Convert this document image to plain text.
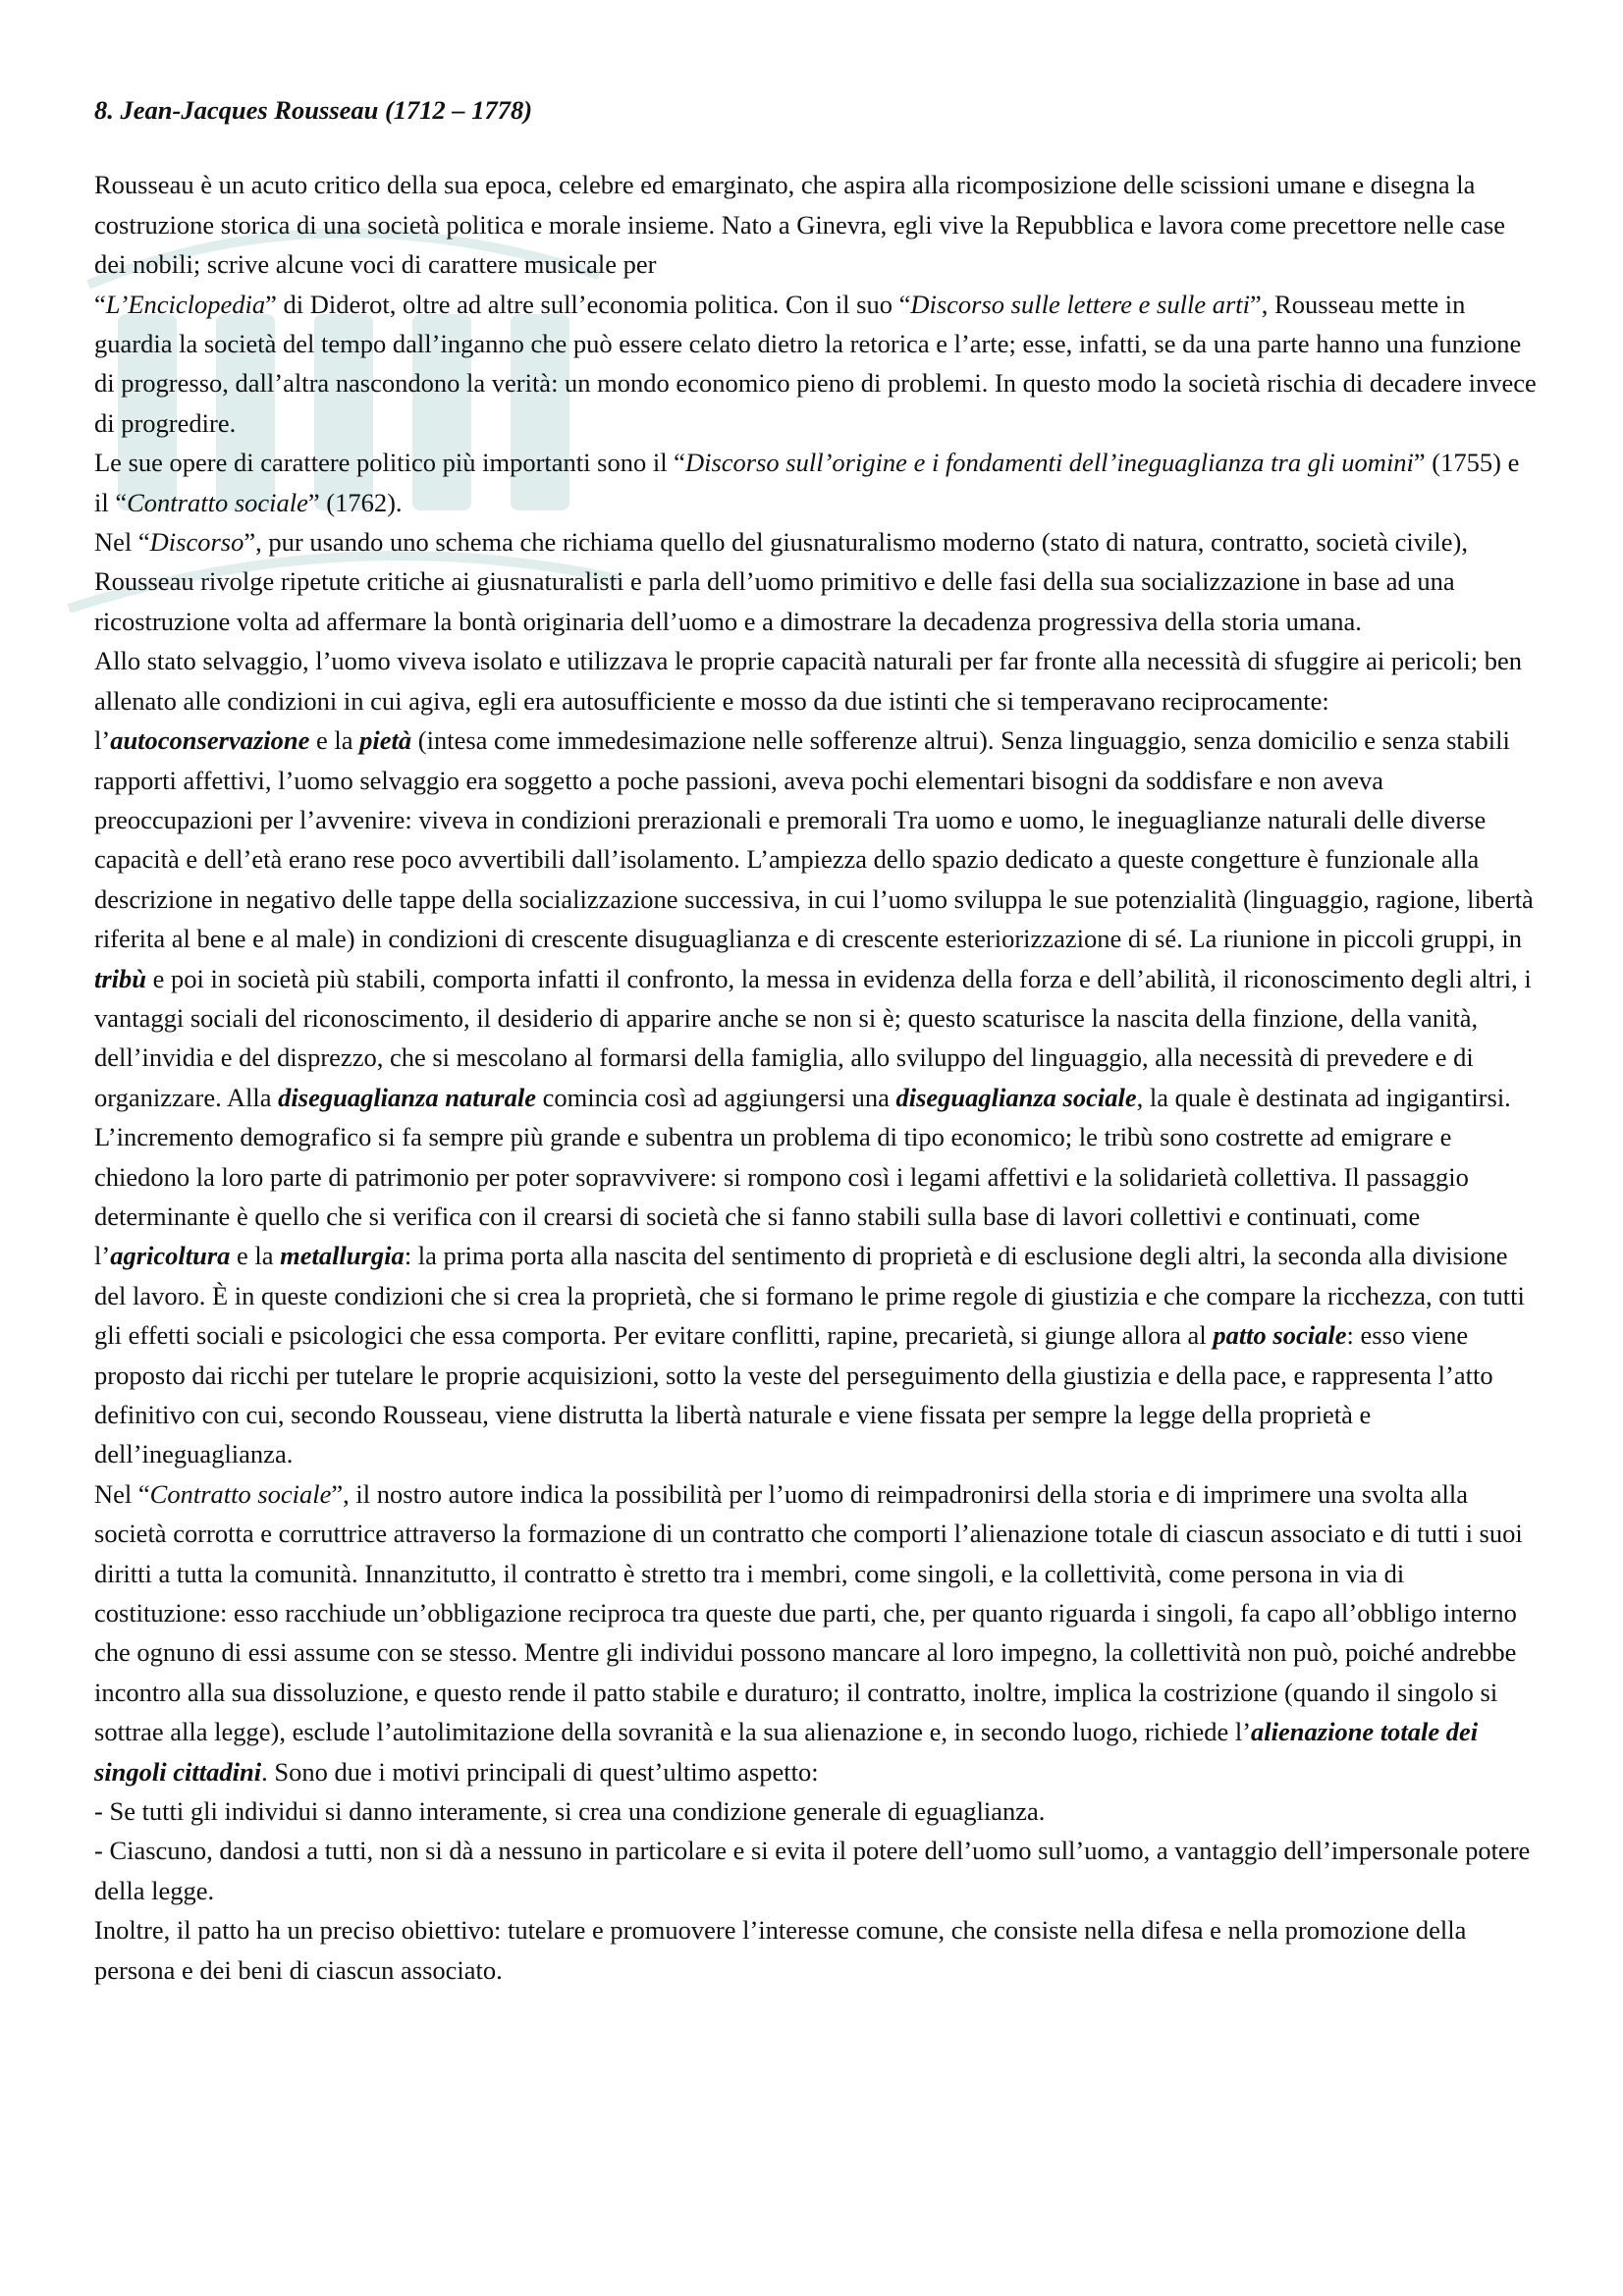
8. Jean-Jacques Rousseau (1712 – 1778)

Rousseau è un acuto critico della sua epoca, celebre ed emarginato, che aspira alla ricomposizione delle scissioni umane e disegna la costruzione storica di una società politica e morale insieme. Nato a Ginevra, egli vive la Repubblica e lavora come precettore nelle case dei nobili; scrive alcune voci di carattere musicale per
“L’Enciclopedia” di Diderot, oltre ad altre sull’economia politica. Con il suo “Discorso sulle lettere e sulle arti”, Rousseau mette in guardia la società del tempo dall’inganno che può essere celato dietro la retorica e l’arte; esse, infatti, se da una parte hanno una funzione di progresso, dall’altra nascondono la verità: un mondo economico pieno di problemi. In questo modo la società rischia di decadere invece di progredire.

Le sue opere di carattere politico più importanti sono il “Discorso sull’origine e i fondamenti dell’ineguaglianza tra gli uomini” (1755) e il “Contratto sociale” (1762).

Nel “Discorso”, pur usando uno schema che richiama quello del giusnaturalismo moderno (stato di natura, contratto, società civile), Rousseau rivolge ripetute critiche ai giusnaturalisti e parla dell’uomo primitivo e delle fasi della sua socializzazione in base ad una ricostruzione volta ad affermare la bontà originaria dell’uomo e a dimostrare la decadenza progressiva della storia umana.

Allo stato selvaggio, l’uomo viveva isolato e utilizzava le proprie capacità naturali per far fronte alla necessità di sfuggire ai pericoli; ben allenato alle condizioni in cui agiva, egli era autosufficiente e mosso da due istinti che si temperavano reciprocamente: l’autoconservazione e la pietà (intesa come immedesimazione nelle sofferenze altrui). Senza linguaggio, senza domicilio e senza stabili rapporti affettivi, l’uomo selvaggio era soggetto a poche passioni, aveva pochi elementari bisogni da soddisfare e non aveva preoccupazioni per l’avvenire: viveva in condizioni prerazionali e premorali Tra uomo e uomo, le ineguaglianze naturali delle diverse capacità e dell’età erano rese poco avvertibili dall’isolamento. L’ampiezza dello spazio dedicato a queste congetture è funzionale alla descrizione in negativo delle tappe della socializzazione successiva, in cui l’uomo sviluppa le sue potenzialità (linguaggio, ragione, libertà riferita al bene e al male) in condizioni di crescente disuguaglianza e di crescente esteriorizzazione di sé. La riunione in piccoli gruppi, in tribù e poi in società più stabili, comporta infatti il confronto, la messa in evidenza della forza e dell’abilità, il riconoscimento degli altri, i vantaggi sociali del riconoscimento, il desiderio di apparire anche se non si è; questo scaturisce la nascita della finzione, della vanità, dell’invidia e del disprezzo, che si mescolano al formarsi della famiglia, allo sviluppo del linguaggio, alla necessità di prevedere e di organizzare. Alla diseguaglianza naturale comincia così ad aggiungersi una diseguaglianza sociale, la quale è destinata ad ingigantirsi. L’incremento demografico si fa sempre più grande e subentra un problema di tipo economico; le tribù sono costrette ad emigrare e chiedono la loro parte di patrimonio per poter sopravvivere: si rompono così i legami affettivi e la solidarietà collettiva. Il passaggio determinante è quello che si verifica con il crearsi di società che si fanno stabili sulla base di lavori collettivi e continuati, come l’agricoltura e la metallurgia: la prima porta alla nascita del sentimento di proprietà e di esclusione degli altri, la seconda alla divisione del lavoro. È in queste condizioni che si crea la proprietà, che si formano le prime regole di giustizia e che compare la ricchezza, con tutti gli effetti sociali e psicologici che essa comporta. Per evitare conflitti, rapine, precarietà, si giunge allora al patto sociale: esso viene proposto dai ricchi per tutelare le proprie acquisizioni, sotto la veste del perseguimento della giustizia e della pace, e rappresenta l’atto definitivo con cui, secondo Rousseau, viene distrutta la libertà naturale e viene fissata per sempre la legge della proprietà e dell’ineguaglianza.

Nel “Contratto sociale”, il nostro autore indica la possibilità per l’uomo di reimpadronirsi della storia e di imprimere una svolta alla società corrotta e corruttrice attraverso la formazione di un contratto che comporti l’alienazione totale di ciascun associato e di tutti i suoi diritti a tutta la comunità. Innanzitutto, il contratto è stretto tra i membri, come singoli, e la collettività, come persona in via di costituzione: esso racchiude un’obbligazione reciproca tra queste due parti, che, per quanto riguarda i singoli, fa capo all’obbligo interno che ognuno di essi assume con se stesso. Mentre gli individui possono mancare al loro impegno, la collettività non può, poiché andrebbe incontro alla sua dissoluzione, e questo rende il patto stabile e duraturo; il contratto, inoltre, implica la costrizione (quando il singolo si sottrae alla legge), esclude l’autolimitazione della sovranità e la sua alienazione e, in secondo luogo, richiede l’alienazione totale dei singoli cittadini. Sono due i motivi principali di quest’ultimo aspetto:

- Se tutti gli individui si danno interamente, si crea una condizione generale di eguaglianza.

- Ciascuno, dandosi a tutti, non si dà a nessuno in particolare e si evita il potere dell’uomo sull’uomo, a vantaggio dell’impersonale potere della legge.

Inoltre, il patto ha un preciso obiettivo: tutelare e promuovere l’interesse comune, che consiste nella difesa e nella promozione della persona e dei beni di ciascun associato.
